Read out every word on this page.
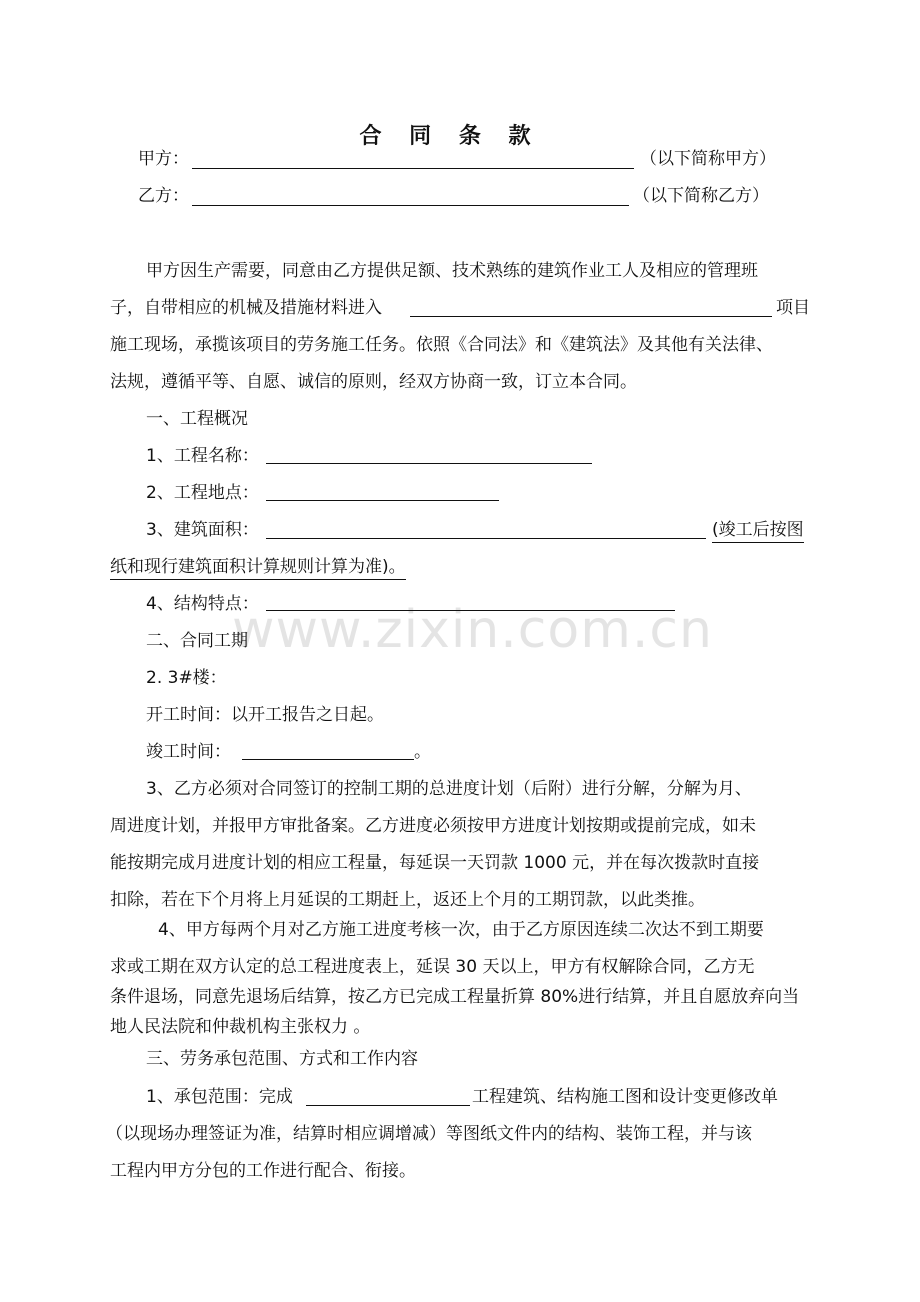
www.zixin.com.cn
合 同 条 款
甲方：	（以下简称甲方）
乙方：	（以下简称乙方）
甲方因生产需要，同意由乙方提供足额、技术熟练的建筑作业工人及相应的管理班
子，自带相应的机械及措施材料进入	项目
施工现场，承揽该项目的劳务施工任务。依照《合同法》和《建筑法》及其他有关法律、
法规，遵循平等、自愿、诚信的原则，经双方协商一致，订立本合同。
一、工程概况
1、工程名称：
2、工程地点：
3、建筑面积：	(竣工后按图
纸和现行建筑面积计算规则计算为准)。
4、结构特点：
二、合同工期
2. 3#楼：
开工时间：以开工报告之日起。
竣工时间：	。
3、乙方必须对合同签订的控制工期的总进度计划（后附）进行分解，分解为月、
周进度计划，并报甲方审批备案。乙方进度必须按甲方进度计划按期或提前完成，如未
能按期完成月进度计划的相应工程量，每延误一天罚款 1000 元，并在每次拨款时直接
扣除，若在下个月将上月延误的工期赶上，返还上个月的工期罚款，以此类推。
4、甲方每两个月对乙方施工进度考核一次，由于乙方原因连续二次达不到工期要
求或工期在双方认定的总工程进度表上，延误 30 天以上，甲方有权解除合同，乙方无
条件退场，同意先退场后结算，按乙方已完成工程量折算 80%进行结算，并且自愿放弃向当
地人民法院和仲裁机构主张权力 。
三、劳务承包范围、方式和工作内容
1、承包范围：完成	工程建筑、结构施工图和设计变更修改单
（以现场办理签证为准，结算时相应调增减）等图纸文件内的结构、装饰工程，并与该
工程内甲方分包的工作进行配合、衔接。
